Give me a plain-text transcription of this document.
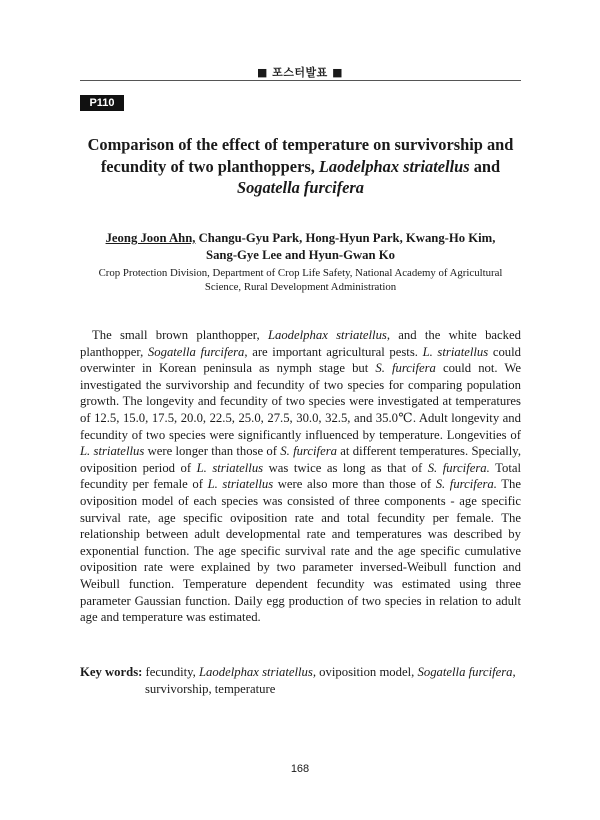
■ 포스터발표 ■
P110
Comparison of the effect of temperature on survivorship and
fecundity of two planthoppers, Laodelphax striatellus and
Sogatella furcifera
Jeong Joon Ahn, Changu-Gyu Park, Hong-Hyun Park, Kwang-Ho Kim,
Sang-Gye Lee and Hyun-Gwan Ko
Crop Protection Division, Department of Crop Life Safety, National Academy of Agricultural
Science, Rural Development Administration

The small brown planthopper, Laodelphax striatellus, and the white backed planthopper, Sogatella furcifera, are important agricultural pests. L. striatellus could overwinter in Korean peninsula as nymph stage but S. furcifera could not. We investigated the survivorship and fecundity of two species for comparing population growth. The longevity and fecundity of two species were investigated at temperatures of 12.5, 15.0, 17.5, 20.0, 22.5, 25.0, 27.5, 30.0, 32.5, and 35.0℃. Adult longevity and fecundity of two species were significantly influenced by temperature. Longevities of L. striatellus were longer than those of S. furcifera at different temperatures. Specially, oviposition period of L. striatellus was twice as long as that of S. furcifera. Total fecundity per female of L. striatellus were also more than those of S. furcifera. The oviposition model of each species was consisted of three components - age specific survival rate, age specific oviposition rate and total fecundity per female. The relationship between adult developmental rate and temperatures was described by exponential function. The age specific survival rate and the age specific cumulative oviposition rate were explained by two parameter inversed-Weibull function and Weibull function. Temperature dependent fecundity was estimated using three parameter Gaussian function. Daily egg production of two species in relation to adult age and temperature was estimated.

Key words: fecundity, Laodelphax striatellus, oviposition model, Sogatella furcifera,
survivorship, temperature
168
